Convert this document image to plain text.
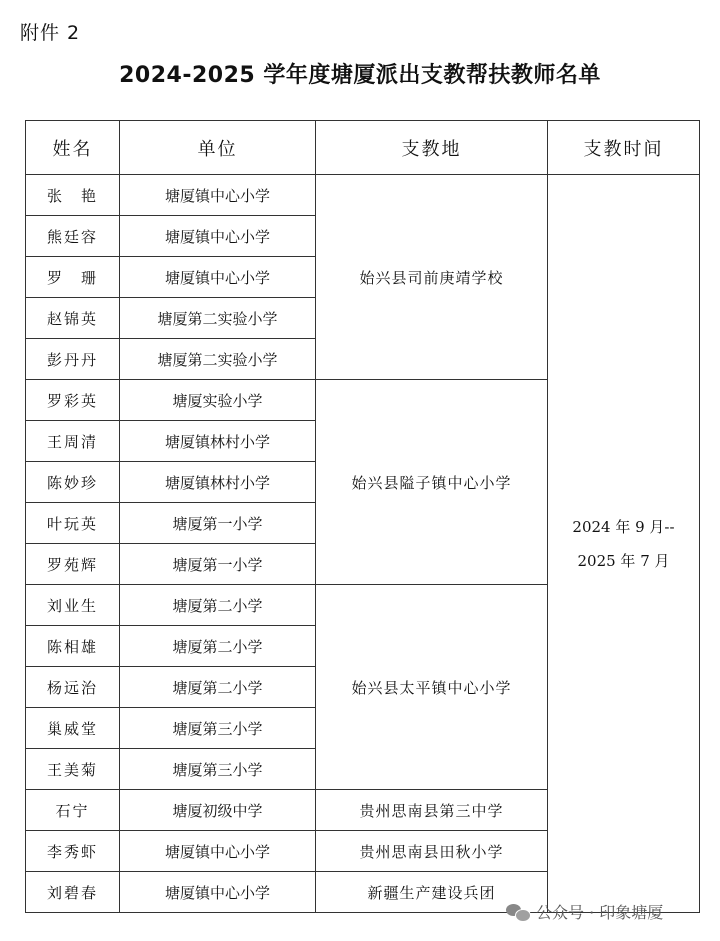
附件 2
2024-2025 学年度塘厦派出支教帮扶教师名单
姓名	单位	支教地	支教时间
张　艳	塘厦镇中心小学	始兴县司前庚靖学校	2024 年 9 月--
2025 年 7 月

熊廷容	塘厦镇中心小学		
罗　珊	塘厦镇中心小学		
赵锦英	塘厦第二实验小学		
彭丹丹	塘厦第二实验小学		
罗彩英	塘厦实验小学	始兴县隘子镇中心小学	
王周清	塘厦镇林村小学		
陈妙珍	塘厦镇林村小学		
叶玩英	塘厦第一小学		
罗苑辉	塘厦第一小学		
刘业生	塘厦第二小学	始兴县太平镇中心小学	
陈相雄	塘厦第二小学		
杨远治	塘厦第二小学		
巢威堂	塘厦第三小学		
王美菊	塘厦第三小学		
石宁	塘厦初级中学	贵州思南县第三中学	
李秀虾	塘厦镇中心小学	贵州思南县田秋小学	
刘碧春	塘厦镇中心小学	新疆生产建设兵团	
公众号 · 印象塘厦
